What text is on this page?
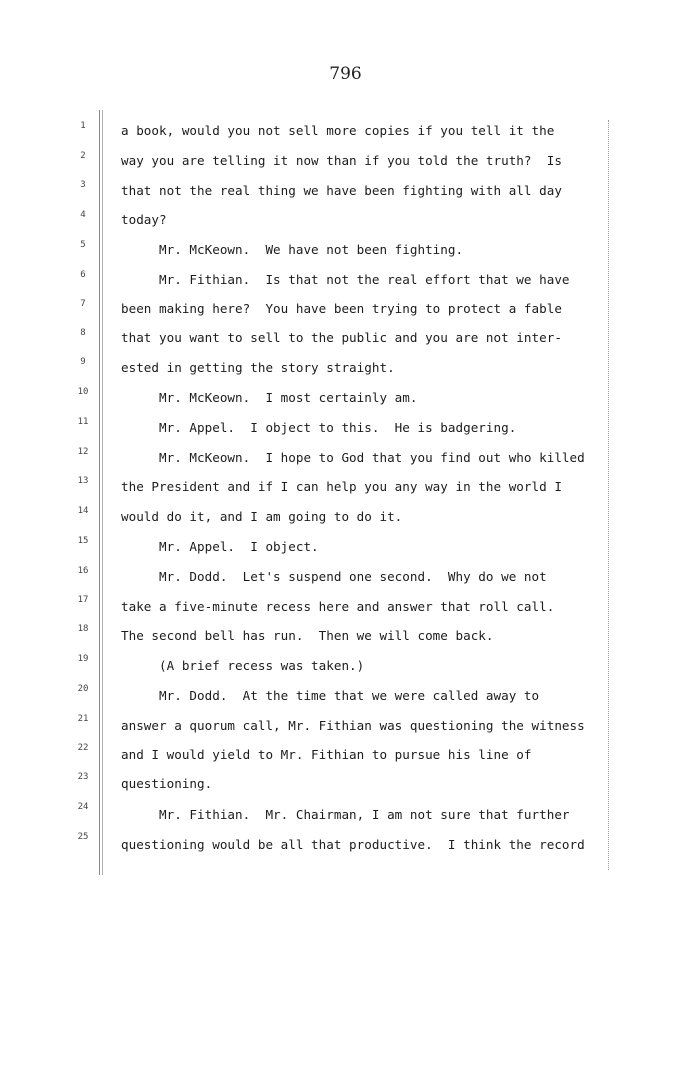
796
1
2
3
4
5
6
7
8
9
10
11
12
13
14
15
16
17
18
19
20
21
22
23
24
25
a book, would you not sell more copies if you tell it the
way you are telling it now than if you told the truth?  Is
that not the real thing we have been fighting with all day
today?
Mr. McKeown.  We have not been fighting.
Mr. Fithian.  Is that not the real effort that we have
been making here?  You have been trying to protect a fable
that you want to sell to the public and you are not inter-
ested in getting the story straight.
Mr. McKeown.  I most certainly am.
Mr. Appel.  I object to this.  He is badgering.
Mr. McKeown.  I hope to God that you find out who killed
the President and if I can help you any way in the world I
would do it, and I am going to do it.
Mr. Appel.  I object.
Mr. Dodd.  Let's suspend one second.  Why do we not
take a five-minute recess here and answer that roll call.
The second bell has run.  Then we will come back.
(A brief recess was taken.)
Mr. Dodd.  At the time that we were called away to
answer a quorum call, Mr. Fithian was questioning the witness
and I would yield to Mr. Fithian to pursue his line of
questioning.
Mr. Fithian.  Mr. Chairman, I am not sure that further
questioning would be all that productive.  I think the record
